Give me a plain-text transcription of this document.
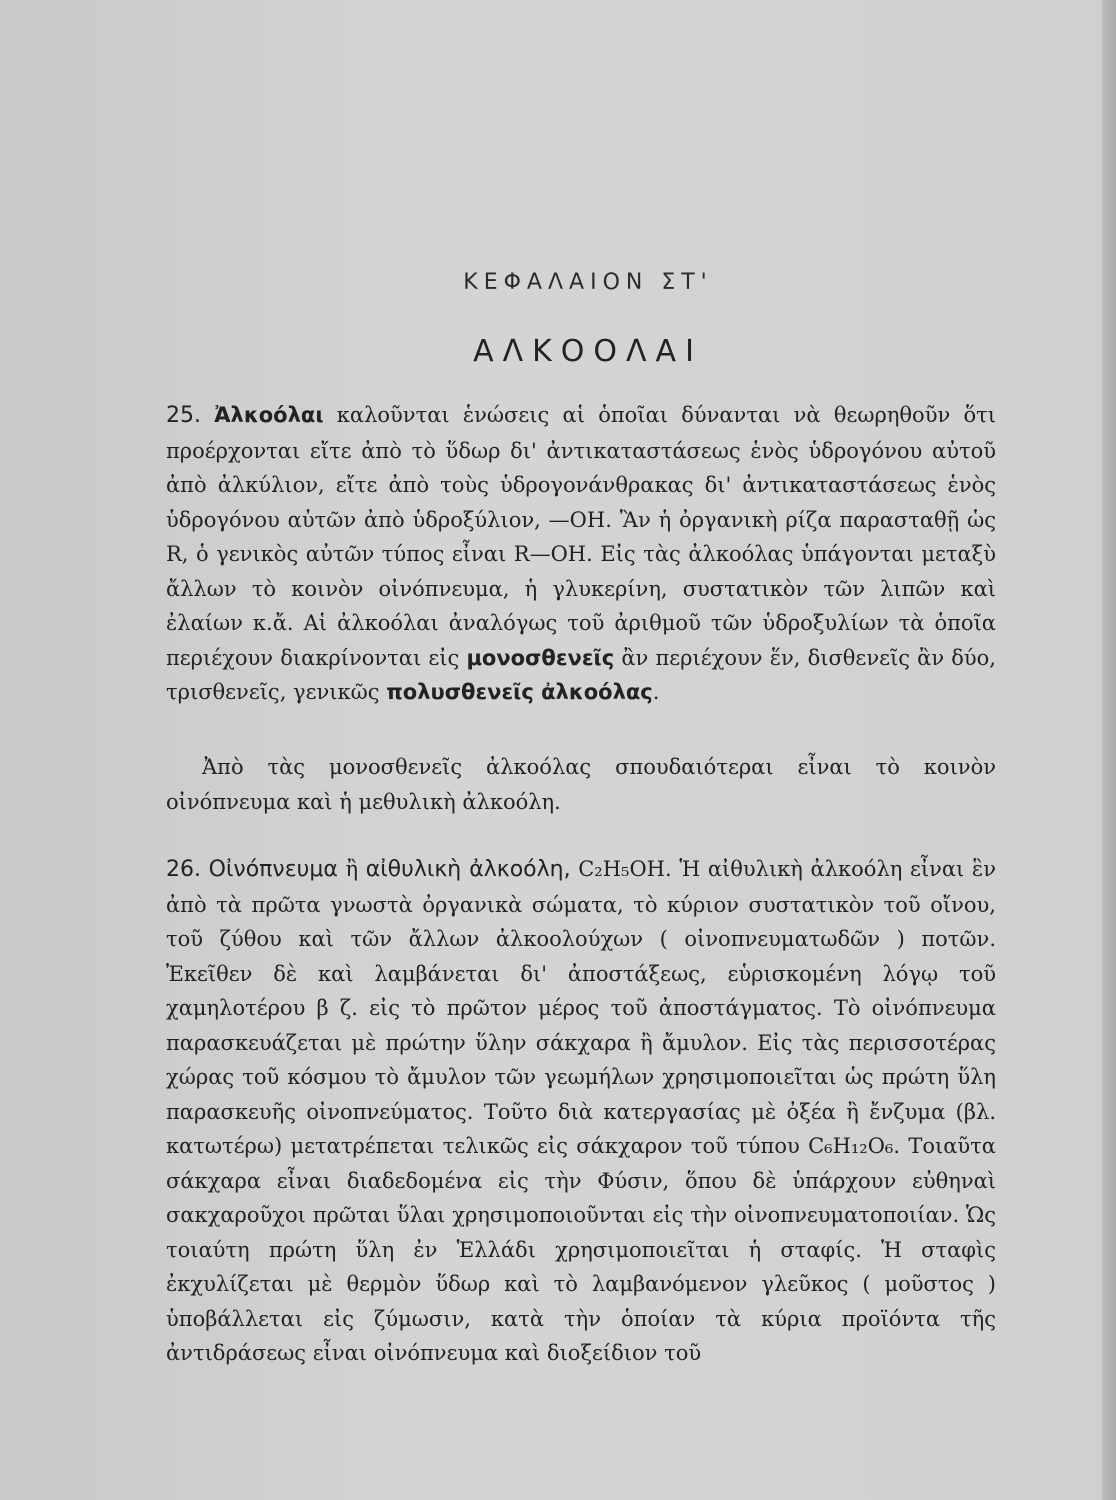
ΚΕΦΑΛΑΙΟΝ ΣΤ'
ΑΛΚΟΟΛΑΙ

25. Ἀλκοόλαι καλοῦνται ἑνώσεις αἱ ὁποῖαι δύνανται νὰ θεωρηθοῦν ὅτι προέρχονται εἴτε ἀπὸ τὸ ὕδωρ δι' ἀντικαταστάσεως ἑνὸς ὑδρογόνου αὐτοῦ ἀπὸ ἀλκύλιον, εἴτε ἀπὸ τοὺς ὑδρογονάνθρακας δι' ἀντικαταστάσεως ἑνὸς ὑδρογόνου αὐτῶν ἀπὸ ὑδροξύλιον, —OH. Ἂν ἡ ὀργανικὴ ρίζα παρασταθῇ ὡς R, ὁ γενικὸς αὐτῶν τύπος εἶναι R—OH. Εἰς τὰς ἀλκοόλας ὑπάγονται μεταξὺ ἄλλων τὸ κοινὸν οἰνόπνευμα, ἡ γλυκερίνη, συστατικὸν τῶν λιπῶν καὶ ἐλαίων κ.ἄ. Αἱ ἀλκοόλαι ἀναλόγως τοῦ ἀριθμοῦ τῶν ὑδροξυλίων τὰ ὁποῖα περιέχουν διακρίνονται εἰς μονοσθενεῖς ἂν περιέχουν ἕν, δισθενεῖς ἂν δύο, τρισθενεῖς, γενικῶς πολυσθενεῖς ἀλκοόλας.

Ἀπὸ τὰς μονοσθενεῖς ἀλκοόλας σπουδαιότεραι εἶναι τὸ κοινὸν οἰνόπνευμα καὶ ἡ μεθυλικὴ ἀλκοόλη.

26. Οἰνόπνευμα ἢ αἰθυλικὴ ἀλκοόλη, C₂H₅OH. Ἡ αἰθυλικὴ ἀλκοόλη εἶναι ἓν ἀπὸ τὰ πρῶτα γνωστὰ ὀργανικὰ σώματα, τὸ κύριον συστατικὸν τοῦ οἴνου, τοῦ ζύθου καὶ τῶν ἄλλων ἀλκοολούχων ( οἰνοπνευματωδῶν ) ποτῶν. Ἐκεῖθεν δὲ καὶ λαμβάνεται δι' ἀποστάξεως, εὑρισκομένη λόγῳ τοῦ χαμηλοτέρου β ζ. εἰς τὸ πρῶτον μέρος τοῦ ἀποστάγματος. Τὸ οἰνόπνευμα παρασκευάζεται μὲ πρώτην ὕλην σάκχαρα ἢ ἄμυλον. Εἰς τὰς περισσοτέρας χώρας τοῦ κόσμου τὸ ἄμυλον τῶν γεωμήλων χρησιμοποιεῖται ὡς πρώτη ὕλη παρασκευῆς οἰνοπνεύματος. Τοῦτο διὰ κατεργασίας μὲ ὀξέα ἢ ἔνζυμα (βλ. κατωτέρω) μετατρέπεται τελικῶς εἰς σάκχαρον τοῦ τύπου C₆H₁₂O₆. Τοιαῦτα σάκχαρα εἶναι διαδεδομένα εἰς τὴν Φύσιν, ὅπου δὲ ὑπάρχουν εὐθηναὶ σακχαροῦχοι πρῶται ὕλαι χρησιμοποιοῦνται εἰς τὴν οἰνοπνευματοποιίαν. Ὡς τοιαύτη πρώτη ὕλη ἐν Ἑλλάδι χρησιμοποιεῖται ἡ σταφίς. Ἡ σταφὶς ἐκχυλίζεται μὲ θερμὸν ὕδωρ καὶ τὸ λαμβανόμενον γλεῦκος ( μοῦστος ) ὑποβάλλεται εἰς ζύμωσιν, κατὰ τὴν ὁποίαν τὰ κύρια προϊόντα τῆς ἀντιδράσεως εἶναι οἰνόπνευμα καὶ διοξείδιον τοῦ
